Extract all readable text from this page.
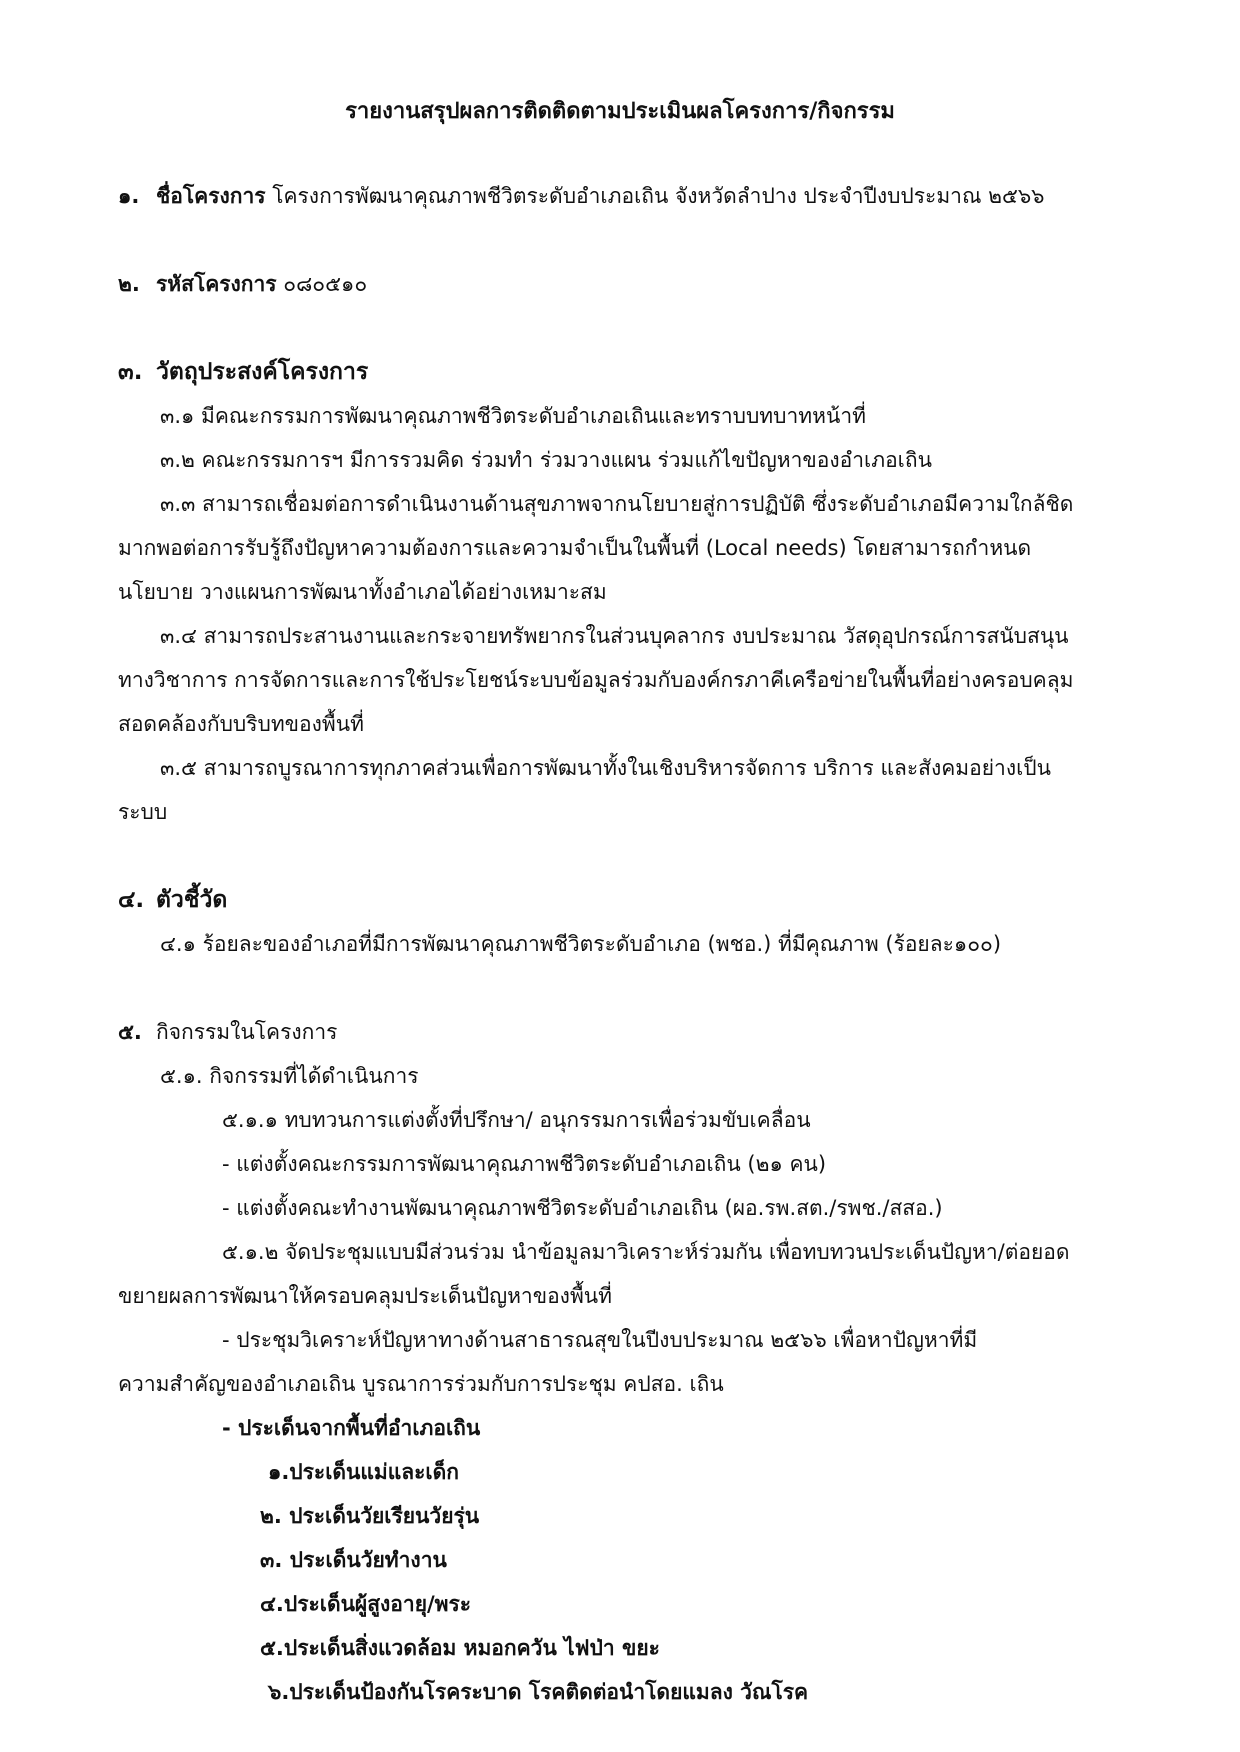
รายงานสรุปผลการติดติดตามประเมินผลโครงการ/กิจกรรม
๑. ชื่อโครงการ โครงการพัฒนาคุณภาพชีวิตระดับอำเภอเถิน จังหวัดลำปาง ประจำปีงบประมาณ ๒๕๖๖
๒. รหัสโครงการ ๐๘๐๕๑๐
๓. วัตถุประสงค์โครงการ
๓.๑ มีคณะกรรมการพัฒนาคุณภาพชีวิตระดับอำเภอเถินและทราบบทบาทหน้าที่
๓.๒ คณะกรรมการฯ มีการรวมคิด ร่วมทำ ร่วมวางแผน ร่วมแก้ไขปัญหาของอำเภอเถิน
๓.๓ สามารถเชื่อมต่อการดำเนินงานด้านสุขภาพจากนโยบายสู่การปฏิบัติ ซึ่งระดับอำเภอมีความใกล้ชิด
มากพอต่อการรับรู้ถึงปัญหาความต้องการและความจำเป็นในพื้นที่ (Local needs) โดยสามารถกำหนด
นโยบาย วางแผนการพัฒนาทั้งอำเภอได้อย่างเหมาะสม
๓.๔ สามารถประสานงานและกระจายทรัพยากรในส่วนบุคลากร งบประมาณ วัสดุอุปกรณ์การสนับสนุน
ทางวิชาการ การจัดการและการใช้ประโยชน์ระบบข้อมูลร่วมกับองค์กรภาคีเครือข่ายในพื้นที่อย่างครอบคลุม
สอดคล้องกับบริบทของพื้นที่
๓.๕ สามารถบูรณาการทุกภาคส่วนเพื่อการพัฒนาทั้งในเชิงบริหารจัดการ บริการ และสังคมอย่างเป็น
ระบบ
๔. ตัวชี้วัด
๔.๑ ร้อยละของอำเภอที่มีการพัฒนาคุณภาพชีวิตระดับอำเภอ (พชอ.) ที่มีคุณภาพ (ร้อยละ๑๐๐)
๕. กิจกรรมในโครงการ
๕.๑. กิจกรรมที่ได้ดำเนินการ
๕.๑.๑ ทบทวนการแต่งตั้งที่ปรึกษา/ อนุกรรมการเพื่อร่วมขับเคลื่อน
- แต่งตั้งคณะกรรมการพัฒนาคุณภาพชีวิตระดับอำเภอเถิน (๒๑ คน)
- แต่งตั้งคณะทำงานพัฒนาคุณภาพชีวิตระดับอำเภอเถิน (ผอ.รพ.สต./รพช./สสอ.)
๕.๑.๒ จัดประชุมแบบมีส่วนร่วม นำข้อมูลมาวิเคราะห์ร่วมกัน เพื่อทบทวนประเด็นปัญหา/ต่อยอด
ขยายผลการพัฒนาให้ครอบคลุมประเด็นปัญหาของพื้นที่
- ประชุมวิเคราะห์ปัญหาทางด้านสาธารณสุขในปีงบประมาณ ๒๕๖๖ เพื่อหาปัญหาที่มี
ความสำคัญของอำเภอเถิน บูรณาการร่วมกับการประชุม คปสอ. เถิน
- ประเด็นจากพื้นที่อำเภอเถิน
๑.ประเด็นแม่และเด็ก
๒. ประเด็นวัยเรียนวัยรุ่น
๓. ประเด็นวัยทำงาน
๔.ประเด็นผู้สูงอายุ/พระ
๕.ประเด็นสิ่งแวดล้อม หมอกควัน ไฟป่า ขยะ
๖.ประเด็นป้องกันโรคระบาด โรคติดต่อนำโดยแมลง วัณโรค
